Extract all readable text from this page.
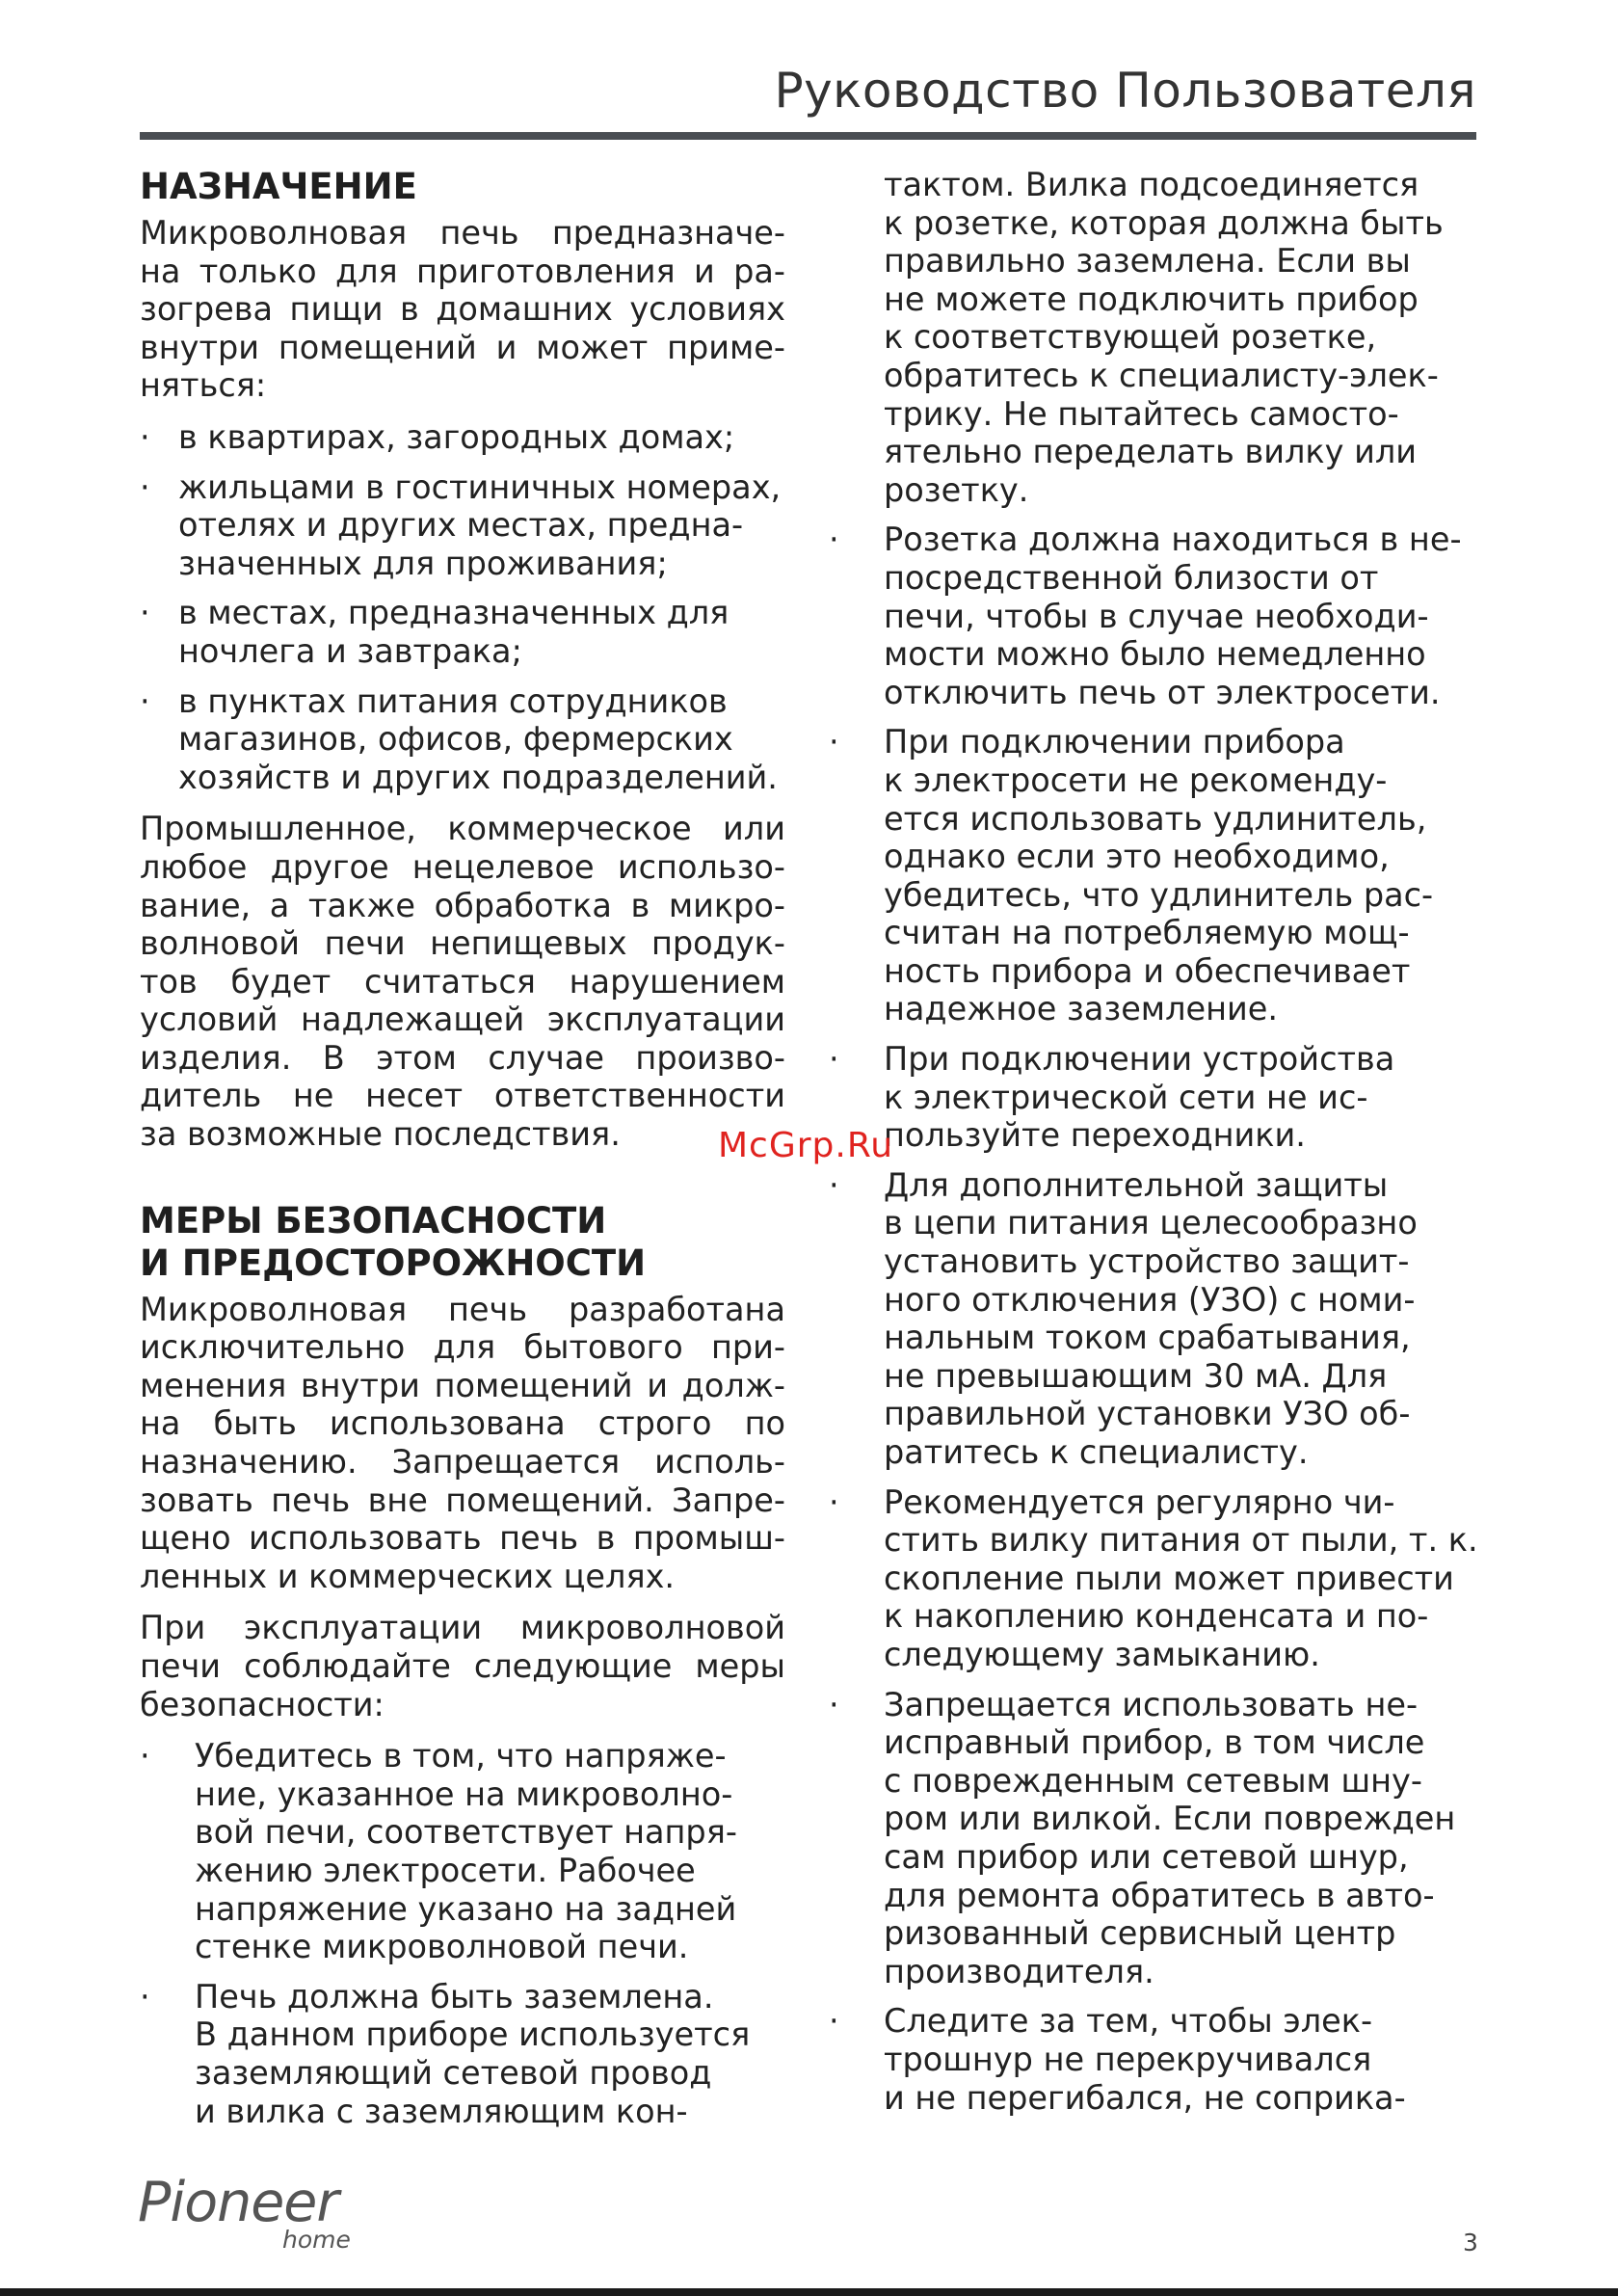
Руководство Пользователя
НАЗНАЧЕНИЕ
Микроволновая печь предназначе-
на только для приготовления и ра-
зогрева пищи в домашних условиях
внутри помещений и может приме-
няться:
· в квартирах, загородных домах;
· жильцами в гостиничных номерах,
отелях и других местах, предна-
значенных для проживания;
· в местах, предназначенных для
ночлега и завтрака;
· в пунктах питания сотрудников
магазинов, офисов, фермерских
хозяйств и других подразделений.
Промышленное, коммерческое или
любое другое нецелевое использо-
вание, а также обработка в микро-
волновой печи непищевых продук-
тов будет считаться нарушением
условий надлежащей эксплуатации
изделия. В этом случае произво-
дитель не несет ответственности
за возможные последствия.
МЕРЫ БЕЗОПАСНОСТИ
И ПРЕДОСТОРОЖНОСТИ
Микроволновая печь разработана
исключительно для бытового при-
менения внутри помещений и долж-
на быть использована строго по
назначению. Запрещается исполь-
зовать печь вне помещений. Запре-
щено использовать печь в промыш-
ленных и коммерческих целях.
При эксплуатации микроволновой
печи соблюдайте следующие меры
безопасности:
· Убедитесь в том, что напряже-
ние, указанное на микроволно-
вой печи, соответствует напря-
жению электросети. Рабочее
напряжение указано на задней
стенке микроволновой печи.
· Печь должна быть заземлена.
В данном приборе используется
заземляющий сетевой провод
и вилка с заземляющим кон-
тактом. Вилка подсоединяется
к розетке, которая должна быть
правильно заземлена. Если вы
не можете подключить прибор
к соответствующей розетке,
обратитесь к специалисту-элек-
трику. Не пытайтесь самосто-
ятельно переделать вилку или
розетку.
· Розетка должна находиться в не-
посредственной близости от
печи, чтобы в случае необходи-
мости можно было немедленно
отключить печь от электросети.
· При подключении прибора
к электросети не рекоменду-
ется использовать удлинитель,
однако если это необходимо,
убедитесь, что удлинитель рас-
считан на потребляемую мощ-
ность прибора и обеспечивает
надежное заземление.
· При подключении устройства
к электрической сети не ис-
пользуйте переходники.
· Для дополнительной защиты
в цепи питания целесообразно
установить устройство защит-
ного отключения (УЗО) с номи-
нальным током срабатывания,
не превышающим 30 мА. Для
правильной установки УЗО об-
ратитесь к специалисту.
· Рекомендуется регулярно чи-
стить вилку питания от пыли, т. к.
скопление пыли может привести
к накоплению конденсата и по-
следующему замыканию.
· Запрещается использовать не-
исправный прибор, в том числе
с поврежденным сетевым шну-
ром или вилкой. Если поврежден
сам прибор или сетевой шнур,
для ремонта обратитесь в авто-
ризованный сервисный центр
производителя.
· Следите за тем, чтобы элек-
трошнур не перекручивался
и не перегибался, не соприка-
McGrp.Ru
Pioneer
home	3
